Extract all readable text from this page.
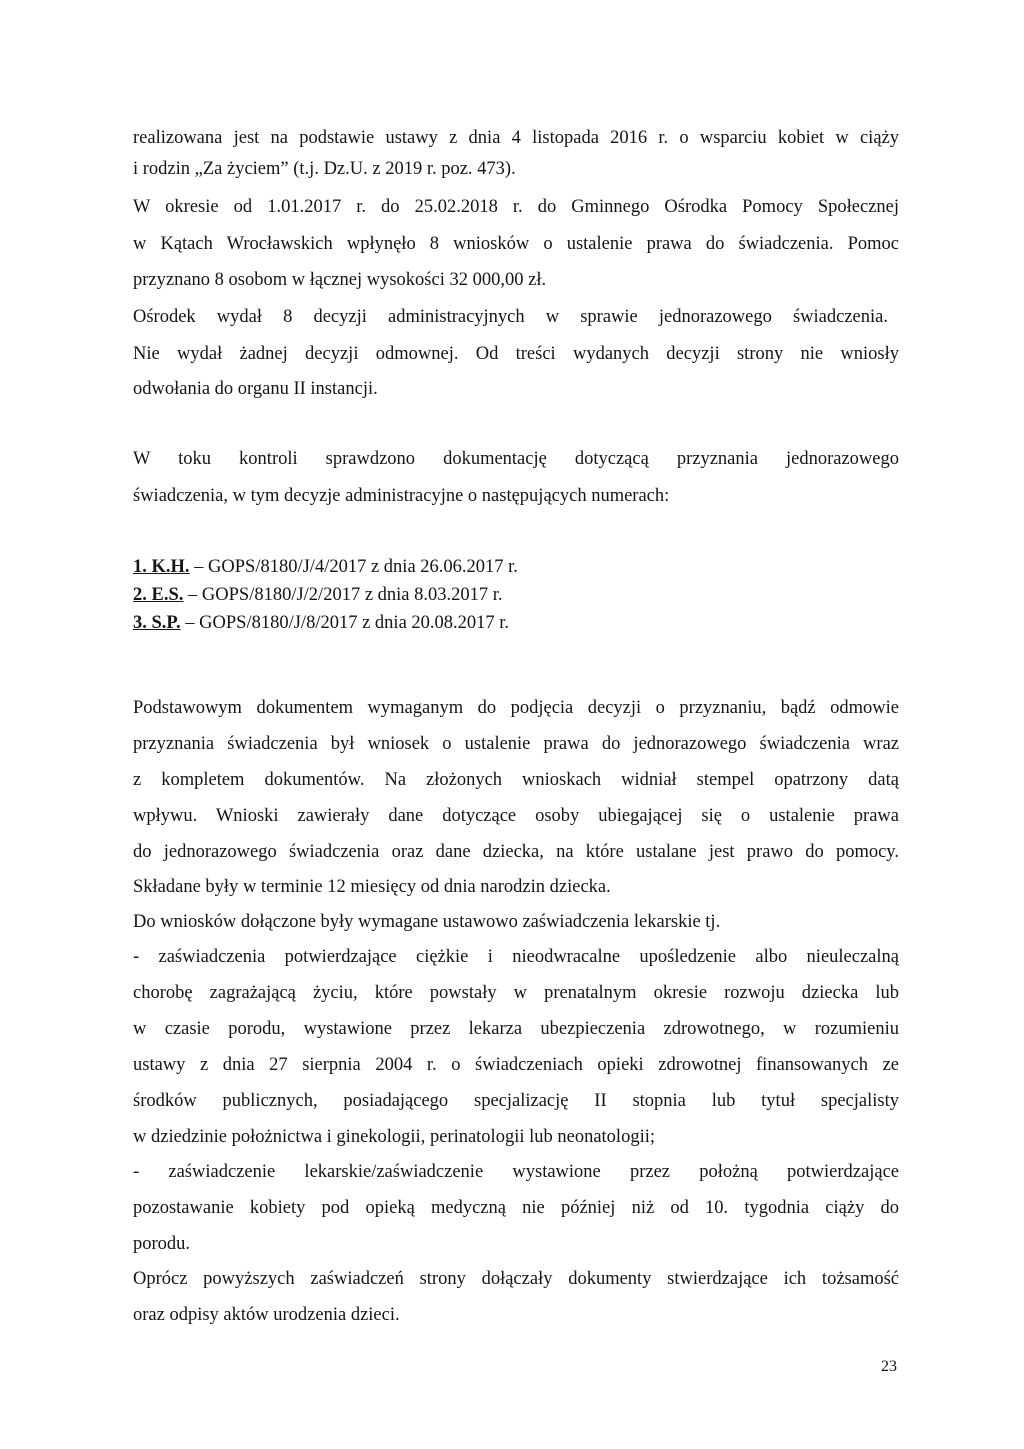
realizowana jest na podstawie ustawy z dnia 4 listopada 2016 r. o wsparciu kobiet w ciąży
i rodzin „Za życiem” (t.j. Dz.U. z 2019 r. poz. 473).
W okresie od 1.01.2017 r. do 25.02.2018 r. do Gminnego Ośrodka Pomocy Społecznej
w Kątach Wrocławskich wpłynęło 8 wniosków o ustalenie prawa do świadczenia. Pomoc
przyznano 8 osobom w łącznej wysokości 32 000,00 zł.
Ośrodek wydał 8 decyzji administracyjnych w sprawie jednorazowego świadczenia.
Nie wydał żadnej decyzji odmownej. Od treści wydanych decyzji strony nie wniosły
odwołania do organu II instancji.
W toku kontroli sprawdzono dokumentację dotyczącą przyznania jednorazowego
świadczenia, w tym decyzje administracyjne o następujących numerach:
1. K.H. – GOPS/8180/J/4/2017 z dnia 26.06.2017 r.
2. E.S. – GOPS/8180/J/2/2017 z dnia 8.03.2017 r.
3. S.P. – GOPS/8180/J/8/2017 z dnia 20.08.2017 r.
Podstawowym dokumentem wymaganym do podjęcia decyzji o przyznaniu, bądź odmowie
przyznania świadczenia był wniosek o ustalenie prawa do jednorazowego świadczenia wraz
z kompletem dokumentów. Na złożonych wnioskach widniał stempel opatrzony datą
wpływu. Wnioski zawierały dane dotyczące osoby ubiegającej się o ustalenie prawa
do jednorazowego świadczenia oraz dane dziecka, na które ustalane jest prawo do pomocy.
Składane były w terminie 12 miesięcy od dnia narodzin dziecka.
Do wniosków dołączone były wymagane ustawowo zaświadczenia lekarskie tj.
- zaświadczenia potwierdzające ciężkie i nieodwracalne upośledzenie albo nieuleczalną
chorobę zagrażającą życiu, które powstały w prenatalnym okresie rozwoju dziecka lub
w czasie porodu, wystawione przez lekarza ubezpieczenia zdrowotnego, w rozumieniu
ustawy z dnia 27 sierpnia 2004 r. o świadczeniach opieki zdrowotnej finansowanych ze
środków publicznych, posiadającego specjalizację II stopnia lub tytuł specjalisty
w dziedzinie położnictwa i ginekologii, perinatologii lub neonatologii;
- zaświadczenie lekarskie/zaświadczenie wystawione przez położną potwierdzające
pozostawanie kobiety pod opieką medyczną nie później niż od 10. tygodnia ciąży do
porodu.
Oprócz powyższych zaświadczeń strony dołączały dokumenty stwierdzające ich tożsamość
oraz odpisy aktów urodzenia dzieci.
23
